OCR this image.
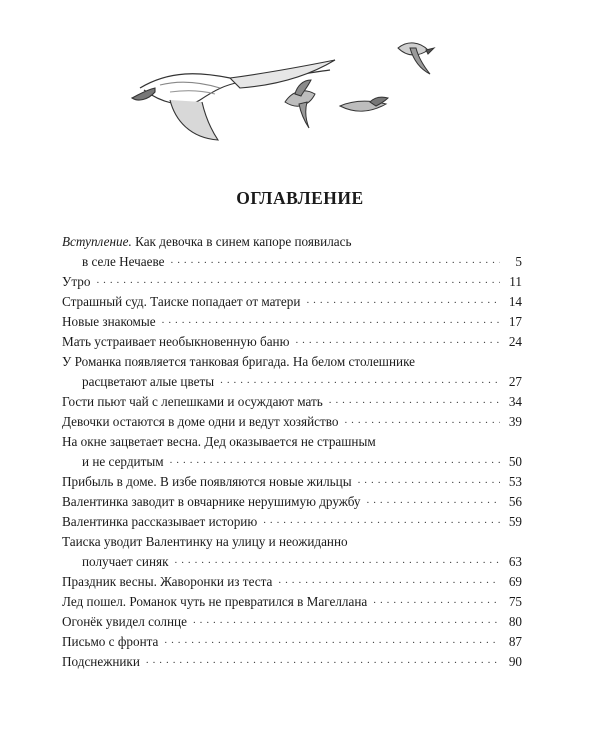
ОГЛАВЛЕНИЕ
Вступление. Как девочка в синем капоре появилась
в селе Нечаеве . . .	5
Утро . . .	11
Страшный суд. Таиске попадает от матери . . .	14
Новые знакомые . . .	17
Мать устраивает необыкновенную баню . . .	24
У Романка появляется танковая бригада. На белом столешнике
расцветают алые цветы . . .	27
Гости пьют чай с лепешками и осуждают мать . . .	34
Девочки остаются в доме одни и ведут хозяйство . . .	39
На окне зацветает весна. Дед оказывается не страшным
и не сердитым . . .	50
Прибыль в доме. В избе появляются новые жильцы . . .	53
Валентинка заводит в овчарнике нерушимую дружбу . . .	56
Валентинка рассказывает историю . . .	59
Таиска уводит Валентинку на улицу и неожиданно
получает синяк . . .	63
Праздник весны. Жаворонки из теста . . .	69
Лед пошел. Романок чуть не превратился в Магеллана . . .	75
Огонёк увидел солнце . . .	80
Письмо с фронта . . .	87
Подснежники . . .	90
